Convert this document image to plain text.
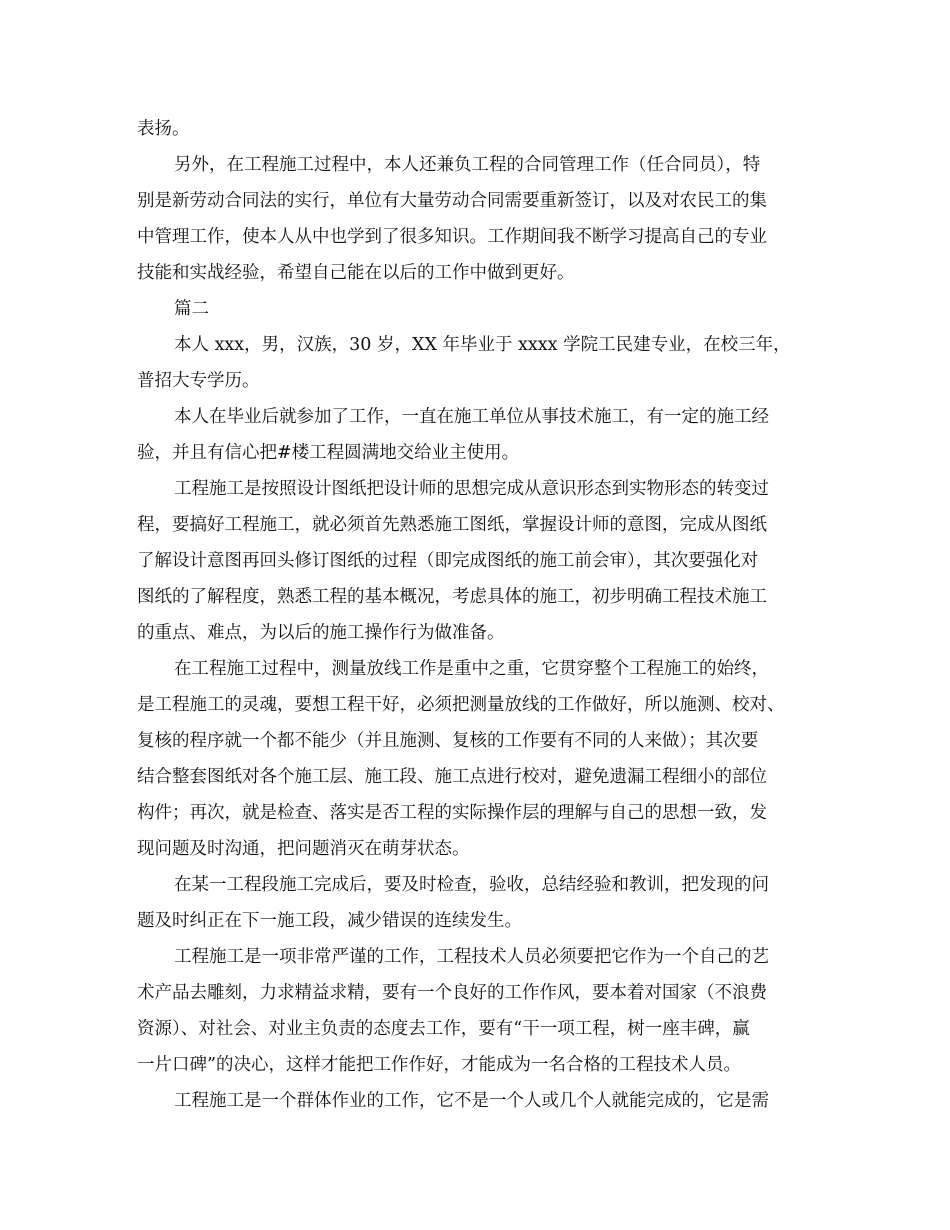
表扬。
另外，在工程施工过程中，本人还兼负工程的合同管理工作（任合同员），特
别是新劳动合同法的实行，单位有大量劳动合同需要重新签订，以及对农民工的集
中管理工作，使本人从中也学到了很多知识。工作期间我不断学习提高自己的专业
技能和实战经验，希望自己能在以后的工作中做到更好。
篇二
本人 xxx，男，汉族，30 岁，XX 年毕业于 xxxx 学院工民建专业，在校三年，
普招大专学历。
本人在毕业后就参加了工作，一直在施工单位从事技术施工，有一定的施工经
验，并且有信心把#楼工程圆满地交给业主使用。
工程施工是按照设计图纸把设计师的思想完成从意识形态到实物形态的转变过
程，要搞好工程施工，就必须首先熟悉施工图纸，掌握设计师的意图，完成从图纸
了解设计意图再回头修订图纸的过程（即完成图纸的施工前会审），其次要强化对
图纸的了解程度，熟悉工程的基本概况，考虑具体的施工，初步明确工程技术施工
的重点、难点，为以后的施工操作行为做准备。
在工程施工过程中，测量放线工作是重中之重，它贯穿整个工程施工的始终，
是工程施工的灵魂，要想工程干好，必须把测量放线的工作做好，所以施测、校对、
复核的程序就一个都不能少（并且施测、复核的工作要有不同的人来做）；其次要
结合整套图纸对各个施工层、施工段、施工点进行校对，避免遗漏工程细小的部位
构件；再次，就是检查、落实是否工程的实际操作层的理解与自己的思想一致，发
现问题及时沟通，把问题消灭在萌芽状态。
在某一工程段施工完成后，要及时检查，验收，总结经验和教训，把发现的问
题及时纠正在下一施工段，减少错误的连续发生。
工程施工是一项非常严谨的工作，工程技术人员必须要把它作为一个自己的艺
术产品去雕刻，力求精益求精，要有一个良好的工作作风，要本着对国家（不浪费
资源）、对社会、对业主负责的态度去工作，要有“干一项工程，树一座丰碑，赢
一片口碑”的决心，这样才能把工作作好，才能成为一名合格的工程技术人员。
工程施工是一个群体作业的工作，它不是一个人或几个人就能完成的，它是需
